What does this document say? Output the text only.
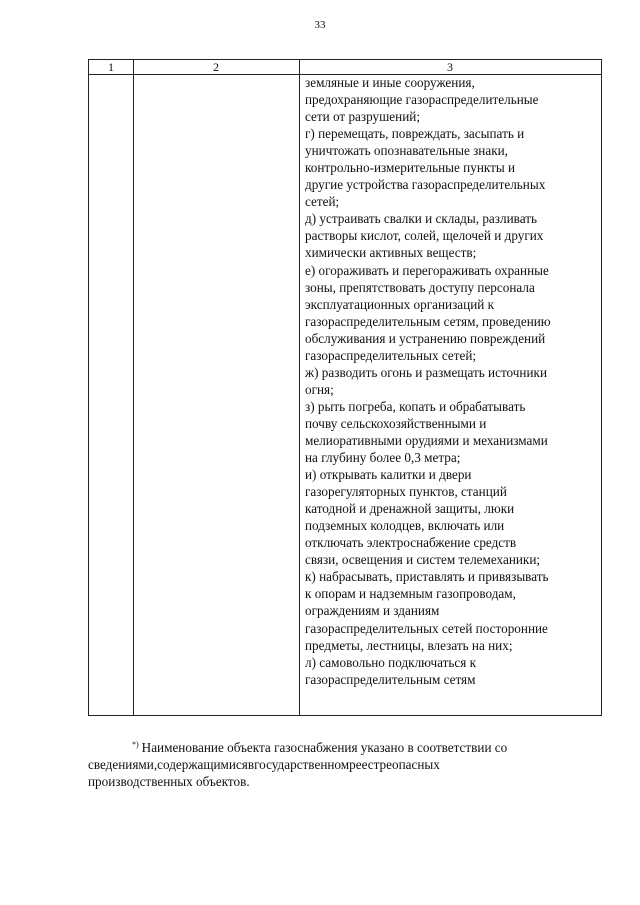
33
1	2	3
земляные и иные сооружения,
предохраняющие газораспределительные
сети от разрушений;
г) перемещать, повреждать, засыпать и
уничтожать опознавательные знаки,
контрольно-измерительные пункты и
другие устройства газораспределительных
сетей;
д) устраивать свалки и склады, разливать
растворы кислот, солей, щелочей и других
химически активных веществ;
е) огораживать и перегораживать охранные
зоны, препятствовать доступу персонала
эксплуатационных организаций к
газораспределительным сетям, проведению
обслуживания и устранению повреждений
газораспределительных сетей;
ж) разводить огонь и размещать источники
огня;
з) рыть погреба, копать и обрабатывать
почву сельскохозяйственными и
мелиоративными орудиями и механизмами
на глубину более 0,3 метра;
и) открывать калитки и двери
газорегуляторных пунктов, станций
катодной и дренажной защиты, люки
подземных колодцев, включать или
отключать электроснабжение средств
связи, освещения и систем телемеханики;
к) набрасывать, приставлять и привязывать
к опорам и надземным газопроводам,
ограждениям и зданиям
газораспределительных сетей посторонние
предметы, лестницы, влезать на них;
л) самовольно подключаться к
газораспределительным сетям
*) Наименование объекта газоснабжения указано в соответствии со
сведениями,содержащимисявгосударственномреестреопасных
производственных объектов.
